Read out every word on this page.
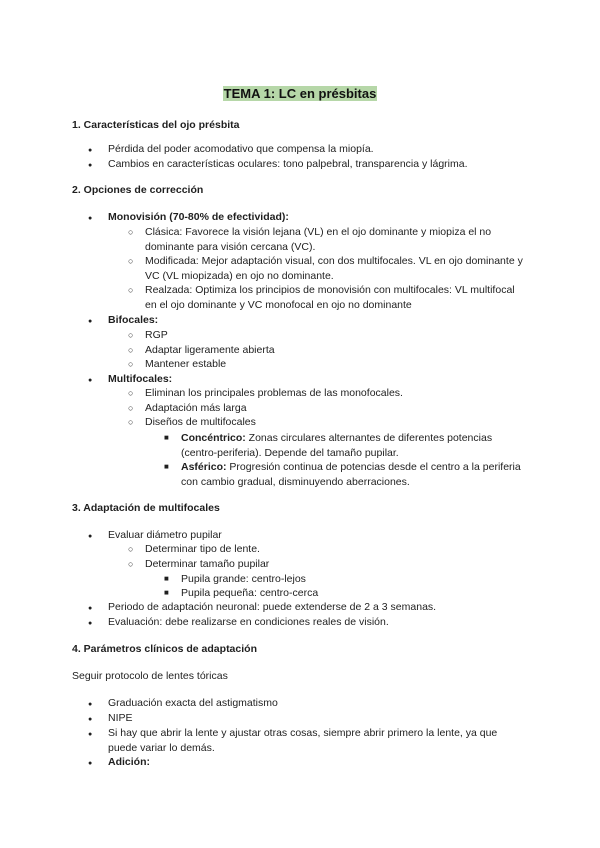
TEMA 1: LC en présbitas
1. Características del ojo présbita
●
Pérdida del poder acomodativo que compensa la miopía.
●
Cambios en características oculares: tono palpebral, transparencia y lágrima.
2. Opciones de corrección
●
Monovisión (70-80% de efectividad):
○
Clásica: Favorece la visión lejana (VL) en el ojo dominante y miopiza el no dominante para visión cercana (VC).
○
Modificada: Mejor adaptación visual, con dos multifocales. VL en ojo dominante y VC (VL miopizada) en ojo no dominante.
○
Realzada: Optimiza los principios de monovisión con multifocales: VL multifocal en el ojo dominante y VC monofocal en ojo no dominante
●
Bifocales:
○
RGP
○
Adaptar ligeramente abierta
○
Mantener estable
●
Multifocales:
○
Eliminan los principales problemas de las monofocales.
○
Adaptación más larga
○
Diseños de multifocales
■
Concéntrico: Zonas circulares alternantes de diferentes potencias (centro-periferia). Depende del tamaño pupilar.
■
Asférico: Progresión continua de potencias desde el centro a la periferia con cambio gradual, disminuyendo aberraciones.
3. Adaptación de multifocales
●
Evaluar diámetro pupilar
○
Determinar tipo de lente.
○
Determinar tamaño pupilar
■
Pupila grande: centro-lejos
■
Pupila pequeña: centro-cerca
●
Periodo de adaptación neuronal: puede extenderse de 2 a 3 semanas.
●
Evaluación: debe realizarse en condiciones reales de visión.
4. Parámetros clínicos de adaptación

Seguir protocolo de lentes tóricas

●
Graduación exacta del astigmatismo
●
NIPE
●
Si hay que abrir la lente y ajustar otras cosas, siempre abrir primero la lente, ya que puede variar lo demás.
●
Adición:
